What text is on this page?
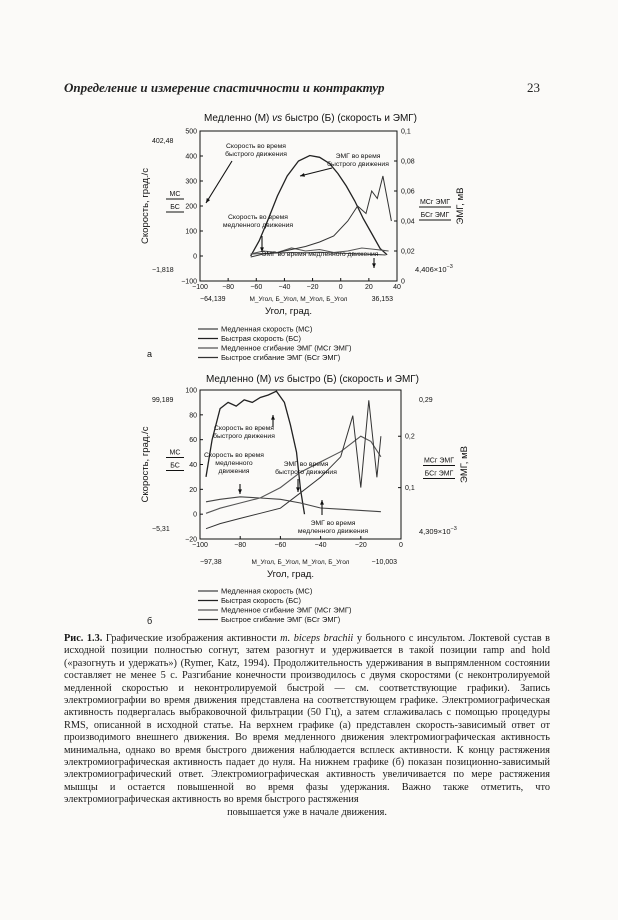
Определение и измерение спастичности и контрактур	23
Медленно (М) vs быстро (Б) (скорость и ЭМГ)
−100 −80 −60 −40 −20	0	20	40
500
400
300
200
100
0
−100
0,1
0,08
0,06
0,04
0,02
0
402,48
−1,818	$4,406\times 10^{-3}$
−64,139	36,153
М_Угол, Б_Угол, М_Угол, Б_Угол
Угол, град.
Скорость, град./с	ЭМГ, мВ
МС
БС
МСг ЭМГ
БСг ЭМГ
Скорость во время
быстрого движения	ЭМГ во время
быстрого движения
Скорость во время
медленного движения
ЭМГ во время медленного движения
Медленная скорость (МС)
Быстрая скорость (БС)
Медленное сгибание ЭМГ (МСг ЭМГ)
Быстрое сгибание ЭМГ (БСг ЭМГ)
а
Медленно (М) vs быстро (Б) (скорость и ЭМГ)
−100	−80	−60	−40	−20	0
100
80
60
40
20
0
−20
0,2
0,1
0,29
99,189
−5,31	$4,309\times 10^{-3}$
−97,38	−10,003
М_Угол, Б_Угол, М_Угол, Б_Угол
Угол, град.
Скорость, град./с	ЭМГ, мВ
МС
БС
МСг ЭМГ
БСг ЭМГ
Скорость во время
быстрого движения
Скорость во время
медленного
движения
ЭМГ во время
быстрого движения
ЭМГ во время
медленного движения
Медленная скорость (МС)
Быстрая скорость (БС)
Медленное сгибание ЭМГ (МСг ЭМГ)
Быстрое сгибание ЭМГ (БСг ЭМГ)
б
Рис. 1.3. Графические изображения активности m. biceps brachii у больного с инсультом. Локтевой сустав в исходной позиции полностью согнут, затем разогнут и удерживается в такой позиции ramp and hold («разогнуть и удержать») (Rymer, Katz, 1994). Продолжительность удерживания в выпрямленном состоянии составляет не менее 5 с. Разгибание конечности производилось с двумя скоростями (с неконтролируемой медленной скоростью и неконтролируемой быстрой — см. соответствующие графики). Запись электромиографии во время движения представлена на соответствующем графике. Электромиографическая активность подвергалась выбраковочной фильтрации (50 Гц), а затем сглаживалась с помощью процедуры RMS, описанной в исходной статье. На верхнем графике (а) представлен скорость-зависимый ответ от производимого внешнего движения. Во время медленного движения электромиографическая активность минимальна, однако во время быстрого движения наблюдается всплеск активности. К концу растяжения электромиографическая активность падает до нуля. На нижнем графике (б) показан позиционно-зависимый электромиографический ответ. Электромиографическая активность увеличивается по мере растяжения мышцы и остается повышенной во время фазы удержания. Важно также отметить, что электромиографическая активность во время быстрого растяжения
повышается уже в начале движения.
